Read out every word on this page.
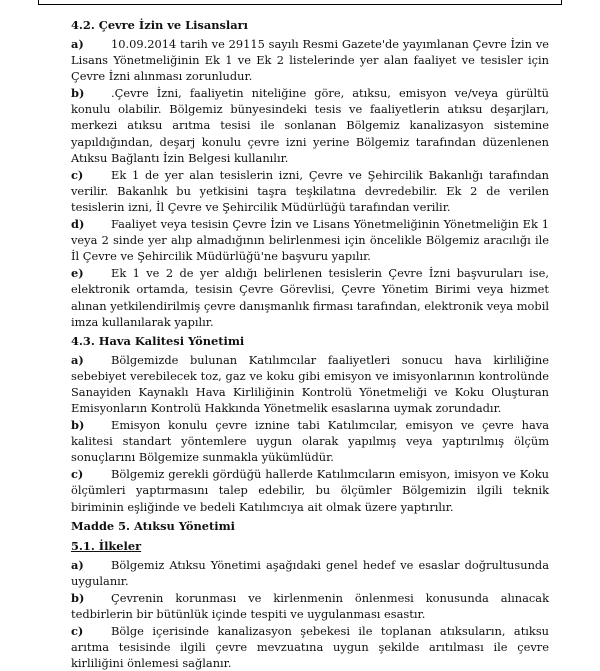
4.2. Çevre İzin ve Lisansları

a) 10.09.2014 tarih ve 29115 sayılı Resmi Gazete'de yayımlanan Çevre İzin ve Lisans Yönetmeliğinin Ek 1 ve Ek 2 listelerinde yer alan faaliyet ve tesisler için Çevre İzni alınması zorunludur.

b) .Çevre İzni, faaliyetin niteliğine göre, atıksu, emisyon ve/veya gürültü konulu olabilir. Bölgemiz bünyesindeki tesis ve faaliyetlerin atıksu deşarjları, merkezi atıksu arıtma tesisi ile sonlanan Bölgemiz kanalizasyon sistemine yapıldığından, deşarj konulu çevre izni yerine Bölgemiz tarafından düzenlenen Atıksu Bağlantı İzin Belgesi kullanılır.

c) Ek 1 de yer alan tesislerin izni, Çevre ve Şehircilik Bakanlığı tarafından verilir. Bakanlık bu yetkisini taşra teşkilatına devredebilir. Ek 2 de verilen tesislerin izni, İl Çevre ve Şehircilik Müdürlüğü tarafından verilir.

d) Faaliyet veya tesisin Çevre İzin ve Lisans Yönetmeliğinin Yönetmeliğin Ek 1 veya 2 sinde yer alıp almadığının belirlenmesi için öncelikle Bölgemiz aracılığı ile İl Çevre ve Şehircilik Müdürlüğü'ne başvuru yapılır.

e) Ek 1 ve 2 de yer aldığı belirlenen tesislerin Çevre İzni başvuruları ise, elektronik ortamda, tesisin Çevre Görevlisi, Çevre Yönetim Birimi veya hizmet alınan yetkilendirilmiş çevre danışmanlık firması tarafından, elektronik veya mobil imza kullanılarak yapılır.

4.3. Hava Kalitesi Yönetimi

a) Bölgemizde bulunan Katılımcılar faaliyetleri sonucu hava kirliliğine sebebiyet verebilecek toz, gaz ve koku gibi emisyon ve imisyonlarının kontrolünde Sanayiden Kaynaklı Hava Kirliliğinin Kontrolü Yönetmeliği ve Koku Oluşturan Emisyonların Kontrolü Hakkında Yönetmelik esaslarına uymak zorundadır.

b) Emisyon konulu çevre iznine tabi Katılımcılar, emisyon ve çevre hava kalitesi standart yöntemlere uygun olarak yapılmış veya yaptırılmış ölçüm sonuçlarını Bölgemize sunmakla yükümlüdür.

c) Bölgemiz gerekli gördüğü hallerde Katılımcıların emisyon, imisyon ve Koku ölçümleri yaptırmasını talep edebilir, bu ölçümler Bölgemizin ilgili teknik biriminin eşliğinde ve bedeli Katılımcıya ait olmak üzere yaptırılır.

Madde 5. Atıksu Yönetimi
5.1. İlkeler

a) Bölgemiz Atıksu Yönetimi aşağıdaki genel hedef ve esaslar doğrultusunda uygulanır.

b) Çevrenin korunması ve kirlenmenin önlenmesi konusunda alınacak tedbirlerin bir bütünlük içinde tespiti ve uygulanması esastır.

c) Bölge içerisinde kanalizasyon şebekesi ile toplanan atıksuların, atıksu arıtma tesisinde ilgili çevre mevzuatına uygun şekilde arıtılması ile çevre kirliliğini önlemesi sağlanır.
